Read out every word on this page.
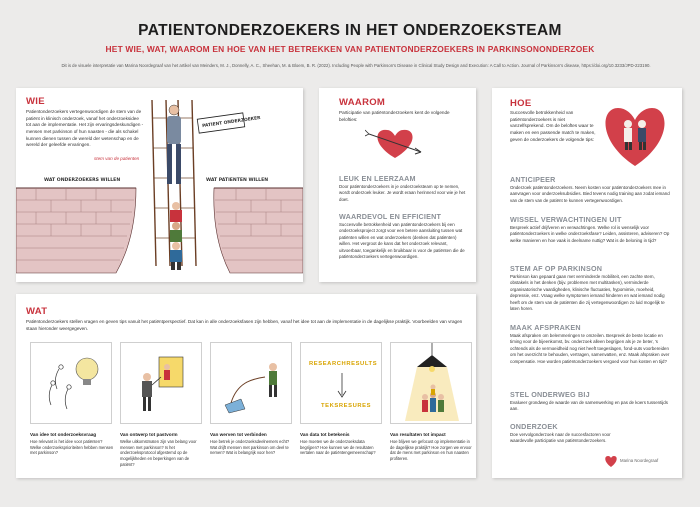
PATIENTONDERZOEKERS IN HET ONDERZOEKSTEAM
HET WIE, WAT, WAAROM EN HOE VAN HET BETREKKEN VAN PATIENTONDERZOEKERS IN PARKINSONONDERZOEK
Dit is de visuele interpretatie van Marina Noordegraaf van het artikel van Meinders, M. J., Donnelly, A. C., Sheehan, M. & Bloem, B. R. (2022). Including People with Parkinson's Disease in Clinical Study Design and Execution: A Call to Action. Journal of Parkinson's disease, https://doi.org/10.3233/JPD-223190.
WIE
Patientonderzoekers vertegenwoordigen de stem van de patiënt in klinisch onderzoek, vanaf het onderzoeksidee tot aan de implementatie. Het zijn ervaringsdeskundigen - mensen met parkinson of hun naasten - die als schakel kunnen dienen tussen de wereld der wetenschap en de wereld der geleefde ervaringen.
PATIENT ONDERZOEKER
WAT ONDERZOEKERS WILLEN	WAT PATIENTEN WILLEN
stem van de patienten
WAAROM
Participatie van patiëntonderzoekers kent de volgende belofties:
LEUK EN LEERZAAM
Door patiëntonderzoekers in je onderzoeksteam op te nemen, wordt onderzoek leuker. Je wordt eraan herinnerd voor wie je het doet.
WAARDEVOL EN EFFICIENT
Succesvolle betrokkenheid van patiëntonderzoekers bij een onderzoeksproject zorgt voor een betere aansluiting tussen wat patiënten willen en wat onderzoekers (denken dat patiënten) willen. Het vergroot de kans dat het onderzoek relevant, uitvoerbaar, toegankelijk en bruikbaar is voor de patiënten die de patiëntonderzoekers vertegenwoordigen.
WAT
Patiëntonderzoekers stellen vragen en geven tips vanuit het patiëntperspectief. Dat kan in alle onderzoeksfasen zijn hebben, vanaf het idee tot aan de implementatie in de dagelijkse praktijk. Voorbeelden van vragen staan hieronder weergegeven.
RESEARCHRESULTS
TEKSRESURES
Van idee tot onderzoeksvraag
Hoe relevant is het idee voor patiënten? Welke onderzoeksprioriteiten hebben mensen met parkinson?
Van ontwerp tot pastvorm
Welke uitkomstmaten zijn van belang voor mensen met parkinson? Is het onderzoeksprotocol afgestemd op de mogelijkheden en beperkingen van de patiënt?
Van werven tot verbinden
Hoe betrek je onderzoeksdeelnemers echt? Wat drijft mensen met parkinson om deel te nemen? Wat is belangrijk voor hen?
Van data tot betekenis
Hoe moeten we de onderzoeksdata begrijpen? Hoe kunnen we de resultaten vertalen naar de patiëntengemeenschap?
Van resultaten tot impact
Hoe blijven we gefocust op implementatie in de dagelijkse praktijk? Hoe zorgen we ervoor dat de mens met parkinson en hun naasten profiteren.
HOE
Succesvolle betrokkenheid van patiëntonderzoekers is niet vanzelfsprekend. Om de beloftes waar te maken en een passende match te maken, geven de onderzoekers de volgende tips:
ANTICIPEER
Onderzoek patiëntonderzoekers. Neem kosten voor patiëntonderzoekers mee in aanvragen voor onderzoeksubsidies. Bied tevens nodig training aan zodat iemand van de stem van de patiënt te kunnen vertegenwoordigen.
WISSEL VERWACHTINGEN UIT
Bespreek actief drijfveren en verwachtingen. Welke rol is wenselijk voor patiëntonderzoekers in welke onderzoeksfase? Leiden, assisteren, adviseren? Op welke manieren en hoe vaak is deelname nuttig? Wat is de beloning in tijd?
STEM AF OP PARKINSON
Parkinson kan gepaard gaan met verminderde mobiliteit, een zachte stem, obstakels in het denken (bijv. problemen met multitasken), verminderde organisatorische vaardigheden, klinische fluctuaties, hypomimie, moeheid, depressie, enz. Vraag welke symptomen iemand hinderen en wat iemand nodig heeft om de stem van de patiënten die zij vertegenwoordigen zo luid mogelijk te laten horen.
MAAK AFSPRAKEN
Maak afspraken om belemmeringen te omzeilen. Bespreek de beste locatie en timing voor de bijeenkomst, bv. onderzoek alleen begrijpen als je ze beter, 's ochtends als de vermoeidheid nog niet heeft toegeslagen, fond-outs voorbereiden om het overzicht te behouden, vertragen, samenvatten, enz. Maak afspraken over compensatie. Hoe worden patiëntonderzoekers vergoed voor hun kosten en tijd?
STEL ONDERWEG BIJ
Evalueer grondweg de waarde van de samenwerking en pas de koers tussentijds aan.
ONDERZOEK
Doe vervolgonderzoek naar de succesfactoren voor waardevolle participatie van patiëntonderzoekers.
Marina Noordegraaf
